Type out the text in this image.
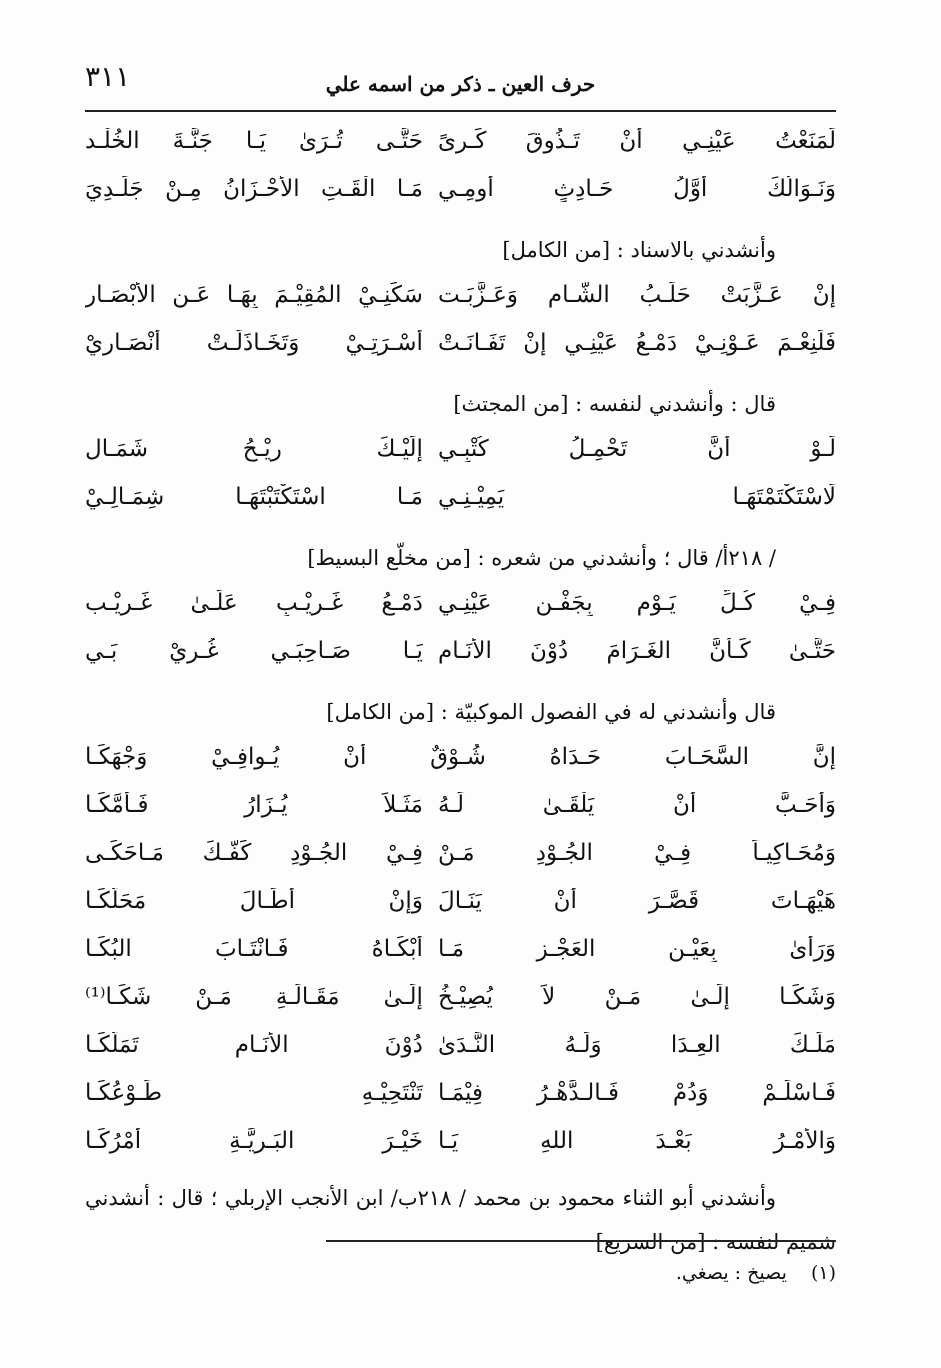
٣١١	حرف العين ـ ذكر من اسمه علي
لَمَنَعْتُ عَيْنِـي أَنْ تَـذُوقَ كَـرىً
حَتَّـى تُـرَىٰ يَـا جَنَّـةَ الخُلْـد
وَنَـوَالُكَ أَوَّلُ حَـادِثٍ أُومِـي
مَـا الْقَـتِ الأَحْـزَانُ مِـنْ جَلَـدِيَ
وأنشدني بالاسناد : [من الكامل]
إِنْ عَـزَّبَتْ حَلَـبُ الشَّـامِ وَعَـزَّبَـت
سَكَنِـيْ المُقِيْـمَ بِهَـا عَـنِ الأَبْصَـار
فَلَنِعْـمَ عَـوْنِـيْ دَمْـعُ عَيْنِـي إِنْ تَفَـانَـتْ
أُسْـرَتِـيْ وَتَخَـاذَلَـتْ أَنْصَـارِيْ
قال : وأنشدني لنفسه : [من المجتث]
لَـوْ أَنَّ تَحْمِـلُ كُتْبِـي
إِلَيْـكَ رِيْـحُ شَمَـال
لَاسْتَكْتَمْتَهَـا يَمِيْـنِـي
مَـا اسْتَكْتَبْتَهَـا شِمَـالِـيْ
/ ٢١٨أ/ قال ؛ وأنشدني من شعره : [من مخلّع البسيط]
فِـيْ كُـلِّ يَـوْمٍ بِجَفْـنِ عَيْنِـي
دَمْـعُ غَـرِيْـبٍ عَلَـىٰ غَـرِيْـب
حَتَّـىٰ كَـأَنَّ الغَـرَامَ دُوْنَ الأَنَـامِ
يَـا صَـاحِبَـي غُـرِيْ بَـيِ
قال وأنشدني له في الفصول الموكبيّة : [من الكامل]
إِنَّ السَّحَـابَ حَـدَاهُ شُـوْقٌ أَنْ يُـوافِـيْ وَجْهَكَـا
وَأَحَـبَّ أَنْ يَلْقَـىٰ لَـهُ
مَثَـلاً يُـزَارُ فَـأَمَّكَـا
وَمُحَـاكِيـاً فِـيْ الجُـوْدِ مَـنْ
فِـيْ الجُـوْدِ كَفُّـكَ مَـاحَكَـى
هَيْهَـاتَ قَصَّـرَ أَنْ يَنَـالَ
وَإِنْ أَطَـالَ مَحَلَّكَـا
وَرَأَىٰ بِعَيْـنِ العَجْـزِ مَـا
أَبْكَـاهُ فَـانْتَـابَ البُكَـا
وَشَكَـا إِلَـىٰ مَـنْ لاَ يُصِيْـخُ
إِلَـىٰ مَقَـالَـةِ مَـنْ شَكَـا⁽¹⁾
مَلَـكَ العِـدَا وَلَـهُ النَّـدَىٰ
دُوْنَ الأَنَـامِ تَمَلُّكَـا
فَـاسْلَـمْ وَدُمْ فَـالـدَّهْـرُ فِيْمَـا
تَنْتَحِيْـهِ طَـوْعُكَـا
وَالأَمْـرُ بَعْـدَ اللهِ يَـا
خَيْـرَ البَـرِيَّـةِ أَمْرُكَـا
وأنشدني أبو الثناء محمود بن محمد / ٢١٨ب/ ابن الأنجب الإربلي ؛ قال : أنشدني شميم لنفسه : [من السريع]
(١) يصيخ : يصغي.
